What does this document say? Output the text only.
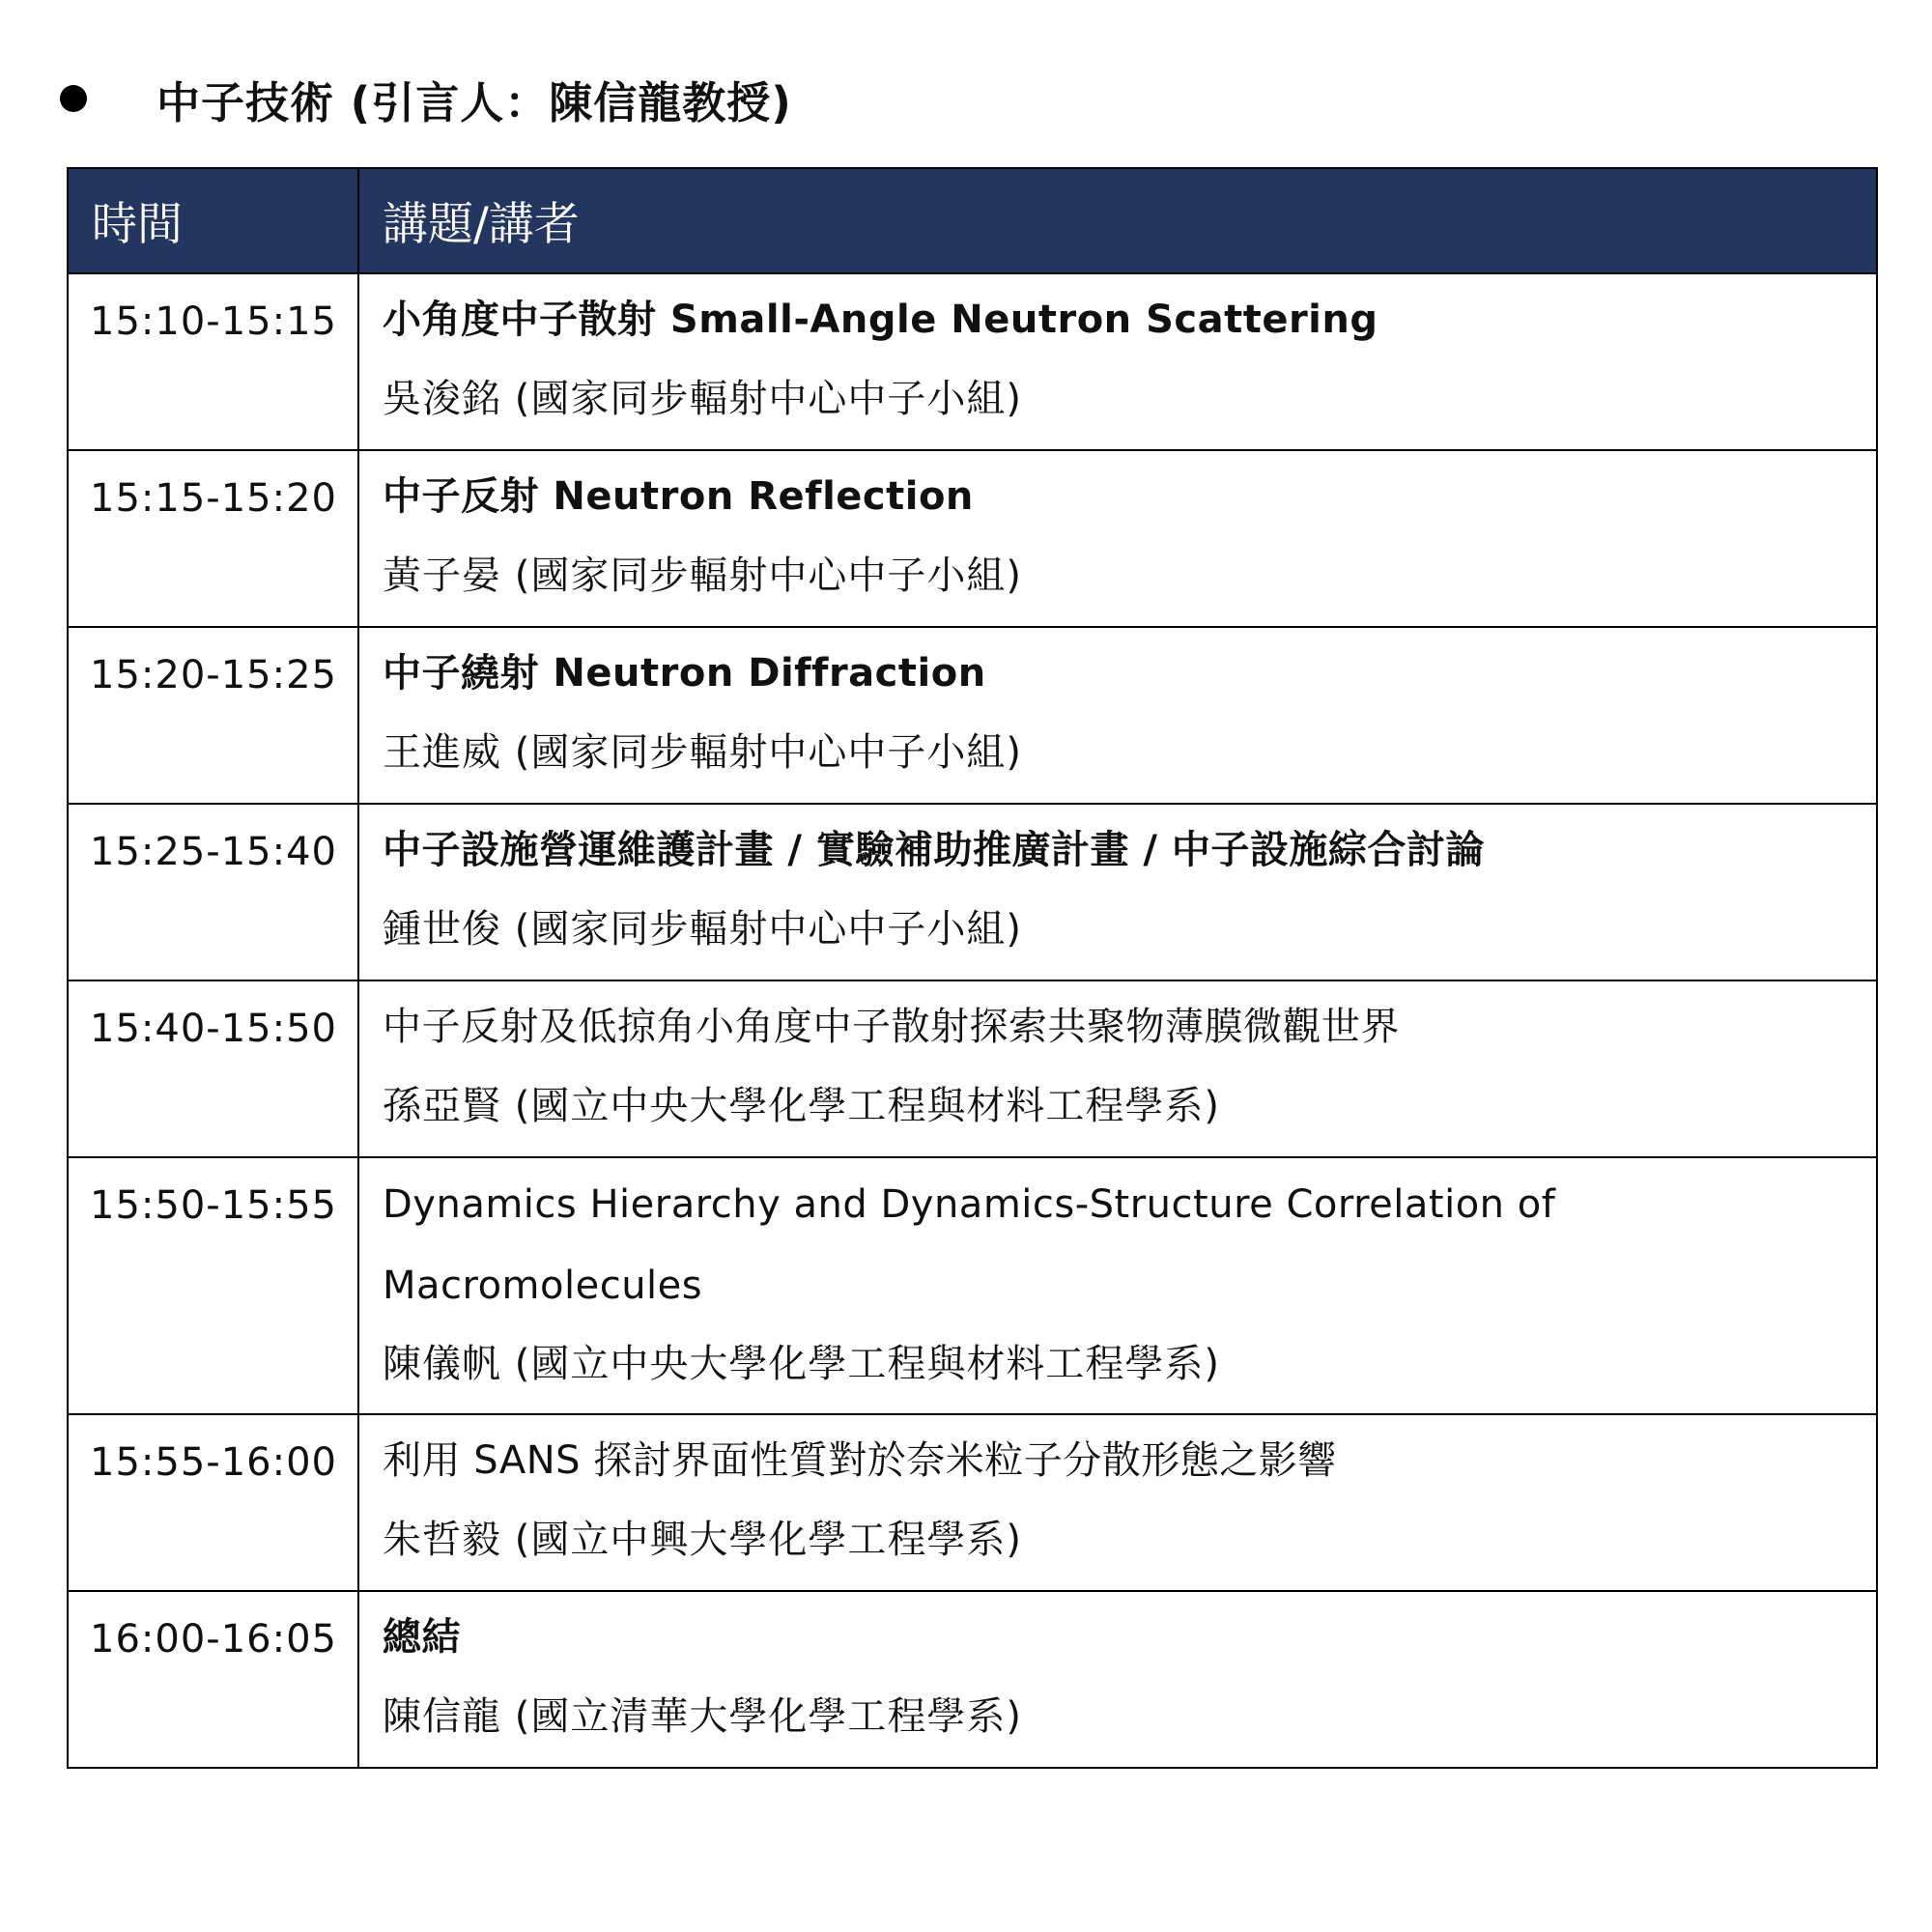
中子技術 (引言人：陳信龍教授)
時間	講題/講者
15:10-15:15	小角度中子散射 Small-Angle Neutron Scattering
吳浚銘 (國家同步輻射中心中子小組)

15:15-15:20	中子反射 Neutron Reflection
黃子晏 (國家同步輻射中心中子小組)

15:20-15:25	中子繞射 Neutron Diffraction
王進威 (國家同步輻射中心中子小組)

15:25-15:40	中子設施營運維護計畫 / 實驗補助推廣計畫 / 中子設施綜合討論
鍾世俊 (國家同步輻射中心中子小組)

15:40-15:50	中子反射及低掠角小角度中子散射探索共聚物薄膜微觀世界
孫亞賢 (國立中央大學化學工程與材料工程學系)

15:50-15:55	Dynamics Hierarchy and Dynamics-Structure Correlation of Macromolecules
陳儀帆 (國立中央大學化學工程與材料工程學系)

15:55-16:00	利用 SANS 探討界面性質對於奈米粒子分散形態之影響
朱哲毅 (國立中興大學化學工程學系)

16:00-16:05	總結
陳信龍 (國立清華大學化學工程學系)
